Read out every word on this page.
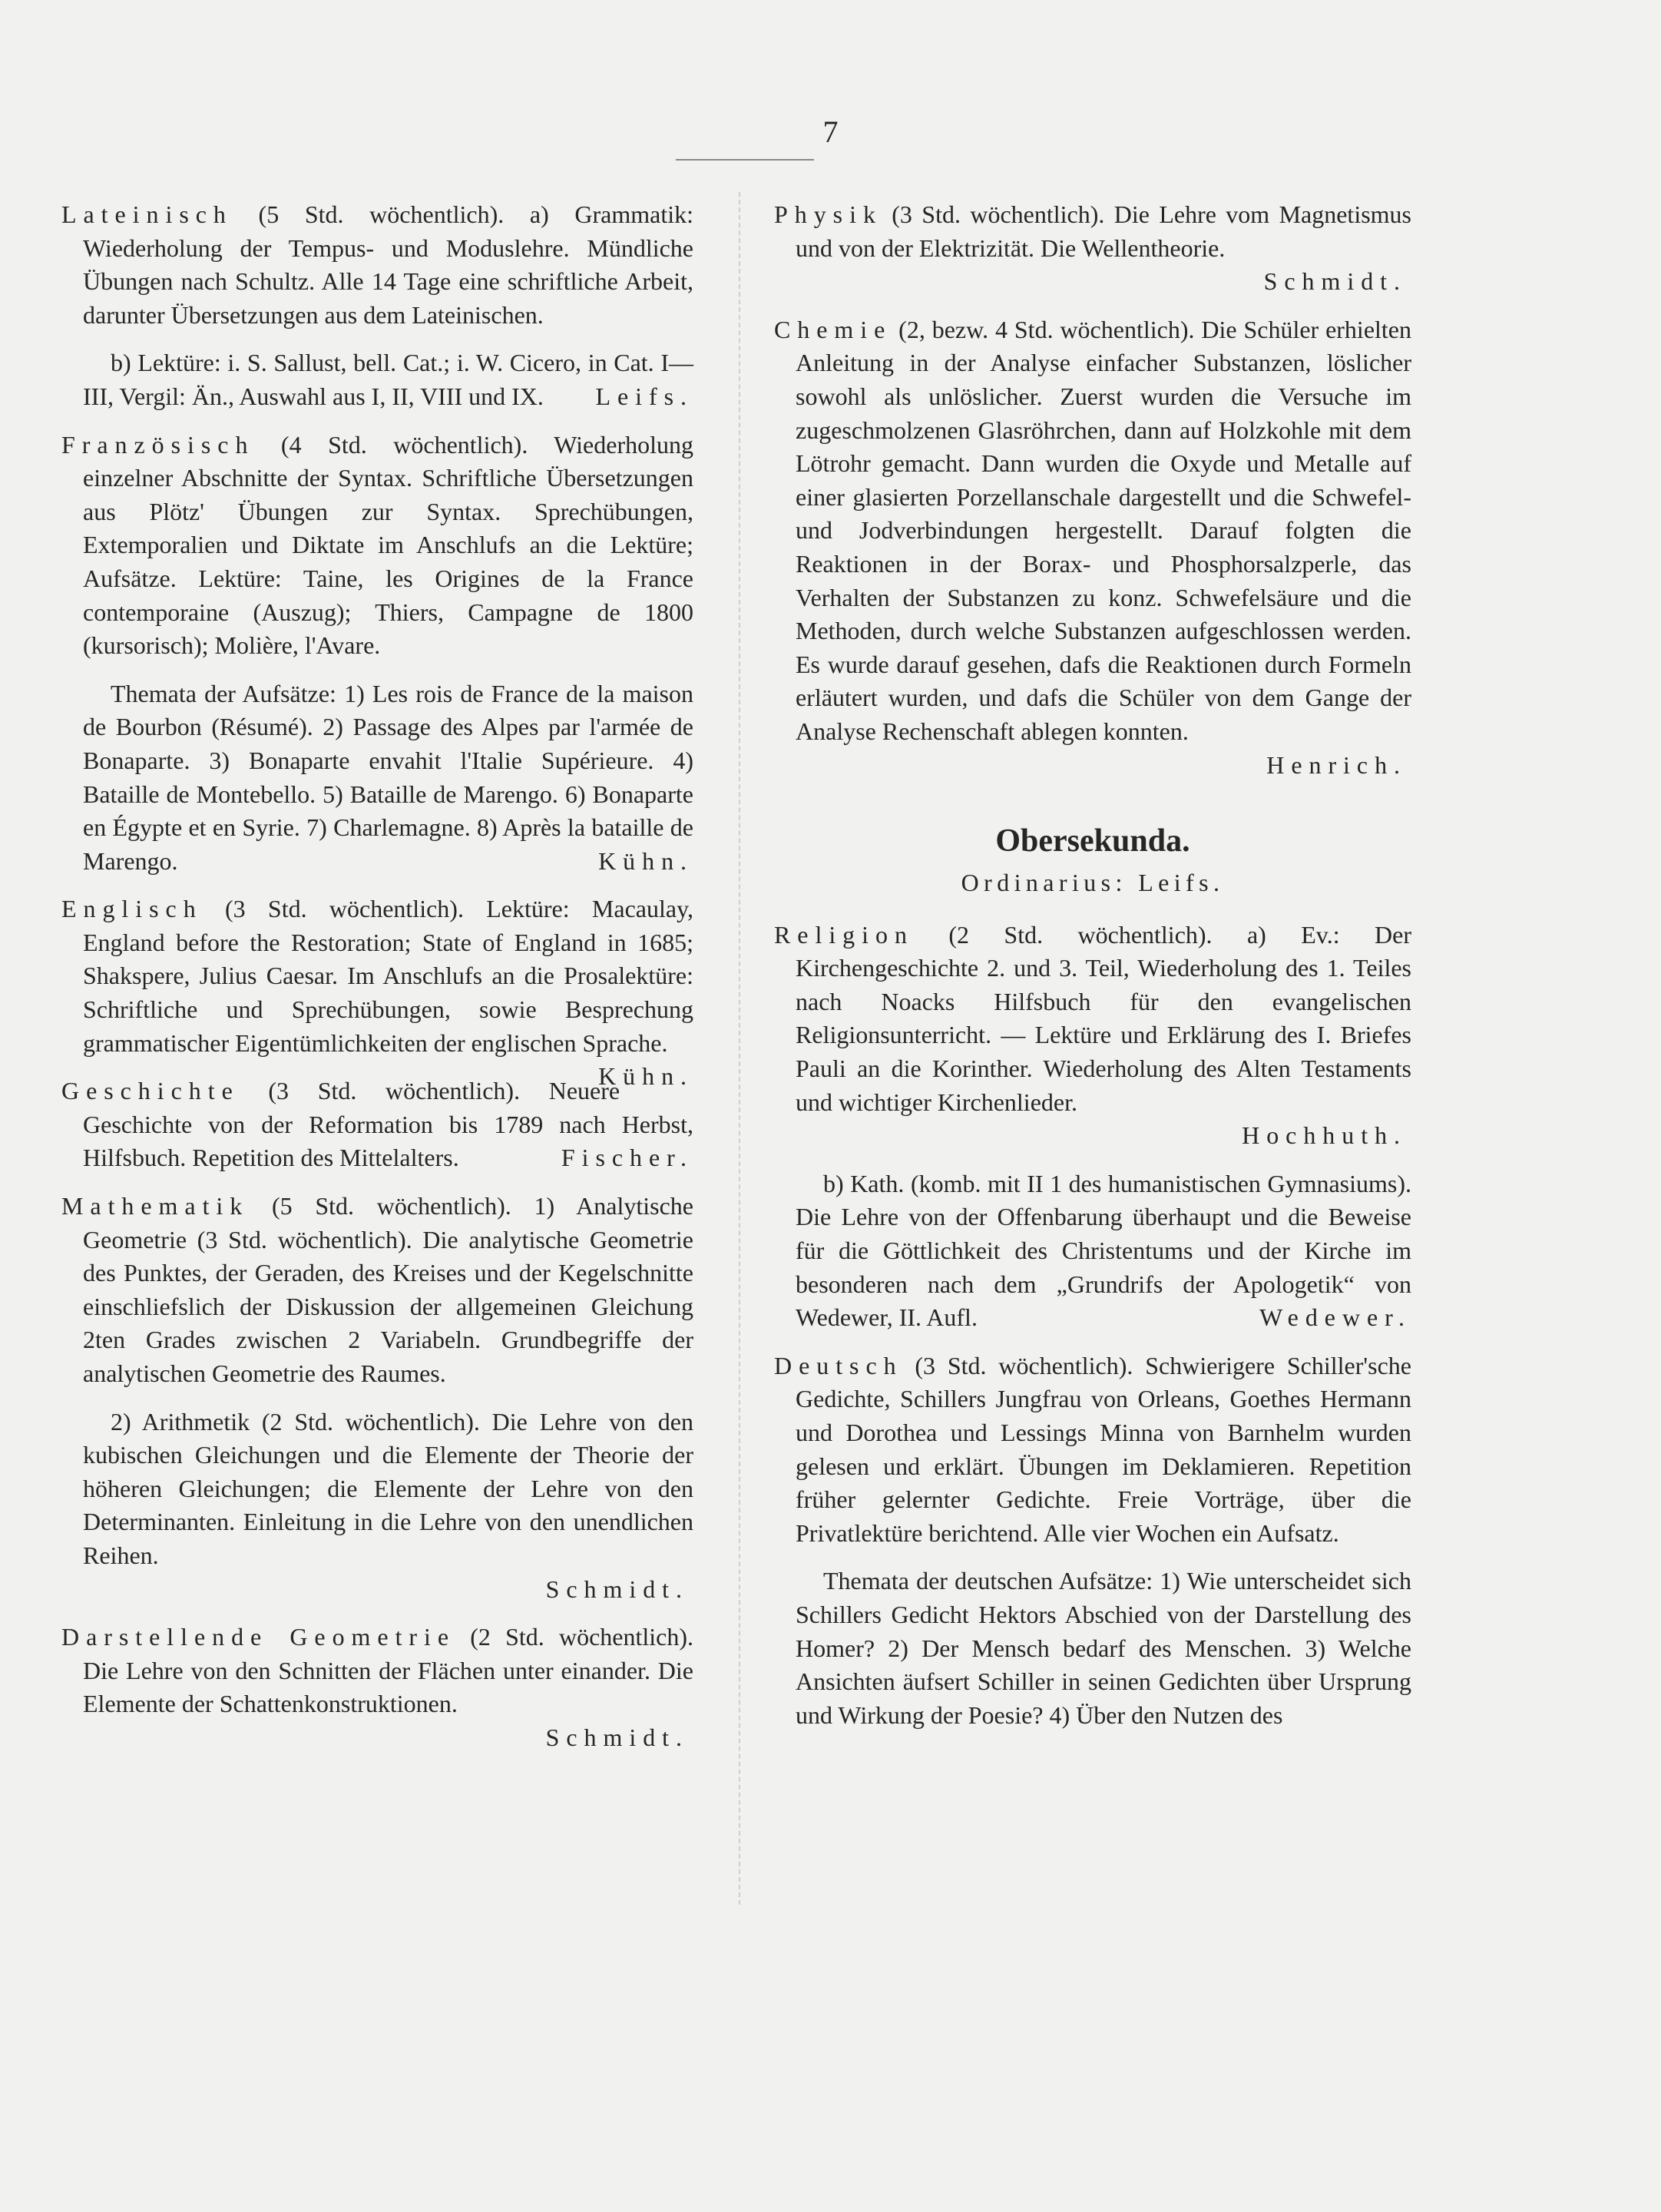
7
Lateinisch (5 Std. wöchentlich). a) Grammatik: Wiederholung der Tempus- und Moduslehre. Mündliche Übungen nach Schultz. Alle 14 Tage eine schriftliche Arbeit, darunter Übersetzungen aus dem Lateinischen.
b) Lektüre: i. S. Sallust, bell. Cat.; i. W. Cicero, in Cat. I—III, Vergil: Än., Auswahl aus I, II, VIII und IX. Leifs.
Französisch (4 Std. wöchentlich). Wiederholung einzelner Abschnitte der Syntax. Schriftliche Übersetzungen aus Plötz' Übungen zur Syntax. Sprechübungen, Extemporalien und Diktate im Anschlufs an die Lektüre; Aufsätze. Lektüre: Taine, les Origines de la France contemporaine (Auszug); Thiers, Campagne de 1800 (kursorisch); Molière, l'Avare.
Themata der Aufsätze: 1) Les rois de France de la maison de Bourbon (Résumé). 2) Passage des Alpes par l'armée de Bonaparte. 3) Bonaparte envahit l'Italie Supérieure. 4) Bataille de Montebello. 5) Bataille de Marengo. 6) Bonaparte en Égypte et en Syrie. 7) Charlemagne. 8) Après la bataille de Marengo.	Kühn.
Englisch (3 Std. wöchentlich). Lektüre: Macaulay, England before the Restoration; State of England in 1685; Shakspere, Julius Caesar. Im Anschlufs an die Prosalektüre: Schriftliche und Sprechübungen, sowie Besprechung grammatischer Eigentümlichkeiten der englischen Sprache.
Kühn.
Geschichte (3 Std. wöchentlich). Neuere Geschichte von der Reformation bis 1789 nach Herbst, Hilfsbuch. Repetition des Mittelalters.	Fischer.
Mathematik (5 Std. wöchentlich). 1) Analytische Geometrie (3 Std. wöchentlich). Die analytische Geometrie des Punktes, der Geraden, des Kreises und der Kegelschnitte einschliefslich der Diskussion der allgemeinen Gleichung 2ten Grades zwischen 2 Variabeln. Grundbegriffe der analytischen Geometrie des Raumes.
2) Arithmetik (2 Std. wöchentlich). Die Lehre von den kubischen Gleichungen und die Elemente der Theorie der höheren Gleichungen; die Elemente der Lehre von den Determinanten. Einleitung in die Lehre von den unendlichen Reihen.
Schmidt.
Darstellende Geometrie (2 Std. wöchentlich). Die Lehre von den Schnitten der Flächen unter einander. Die Elemente der Schattenkonstruktionen.
Schmidt.
Physik (3 Std. wöchentlich). Die Lehre vom Magnetismus und von der Elektrizität. Die Wellentheorie.
Schmidt.
Chemie (2, bezw. 4 Std. wöchentlich). Die Schüler erhielten Anleitung in der Analyse einfacher Substanzen, löslicher sowohl als unlöslicher. Zuerst wurden die Versuche im zugeschmolzenen Glasröhrchen, dann auf Holzkohle mit dem Lötrohr gemacht. Dann wurden die Oxyde und Metalle auf einer glasierten Porzellanschale dargestellt und die Schwefel- und Jodverbindungen hergestellt. Darauf folgten die Reaktionen in der Borax- und Phosphorsalzperle, das Verhalten der Substanzen zu konz. Schwefelsäure und die Methoden, durch welche Substanzen aufgeschlossen werden. Es wurde darauf gesehen, dafs die Reaktionen durch Formeln erläutert wurden, und dafs die Schüler von dem Gange der Analyse Rechenschaft ablegen konnten.
Henrich.
Obersekunda.
Ordinarius: Leifs.
Religion (2 Std. wöchentlich). a) Ev.: Der Kirchengeschichte 2. und 3. Teil, Wiederholung des 1. Teiles nach Noacks Hilfsbuch für den evangelischen Religionsunterricht. — Lektüre und Erklärung des I. Briefes Pauli an die Korinther. Wiederholung des Alten Testaments und wichtiger Kirchenlieder.
Hochhuth.
b) Kath. (komb. mit II 1 des humanistischen Gymnasiums). Die Lehre von der Offenbarung überhaupt und die Beweise für die Göttlichkeit des Christentums und der Kirche im besonderen nach dem „Grundrifs der Apologetik“ von Wedewer, II. Aufl.	Wedewer.
Deutsch (3 Std. wöchentlich). Schwierigere Schiller'sche Gedichte, Schillers Jungfrau von Orleans, Goethes Hermann und Dorothea und Lessings Minna von Barnhelm wurden gelesen und erklärt. Übungen im Deklamieren. Repetition früher gelernter Gedichte. Freie Vorträge, über die Privatlektüre berichtend. Alle vier Wochen ein Aufsatz.
Themata der deutschen Aufsätze: 1) Wie unterscheidet sich Schillers Gedicht Hektors Abschied von der Darstellung des Homer? 2) Der Mensch bedarf des Menschen. 3) Welche Ansichten äufsert Schiller in seinen Gedichten über Ursprung und Wirkung der Poesie? 4) Über den Nutzen des
